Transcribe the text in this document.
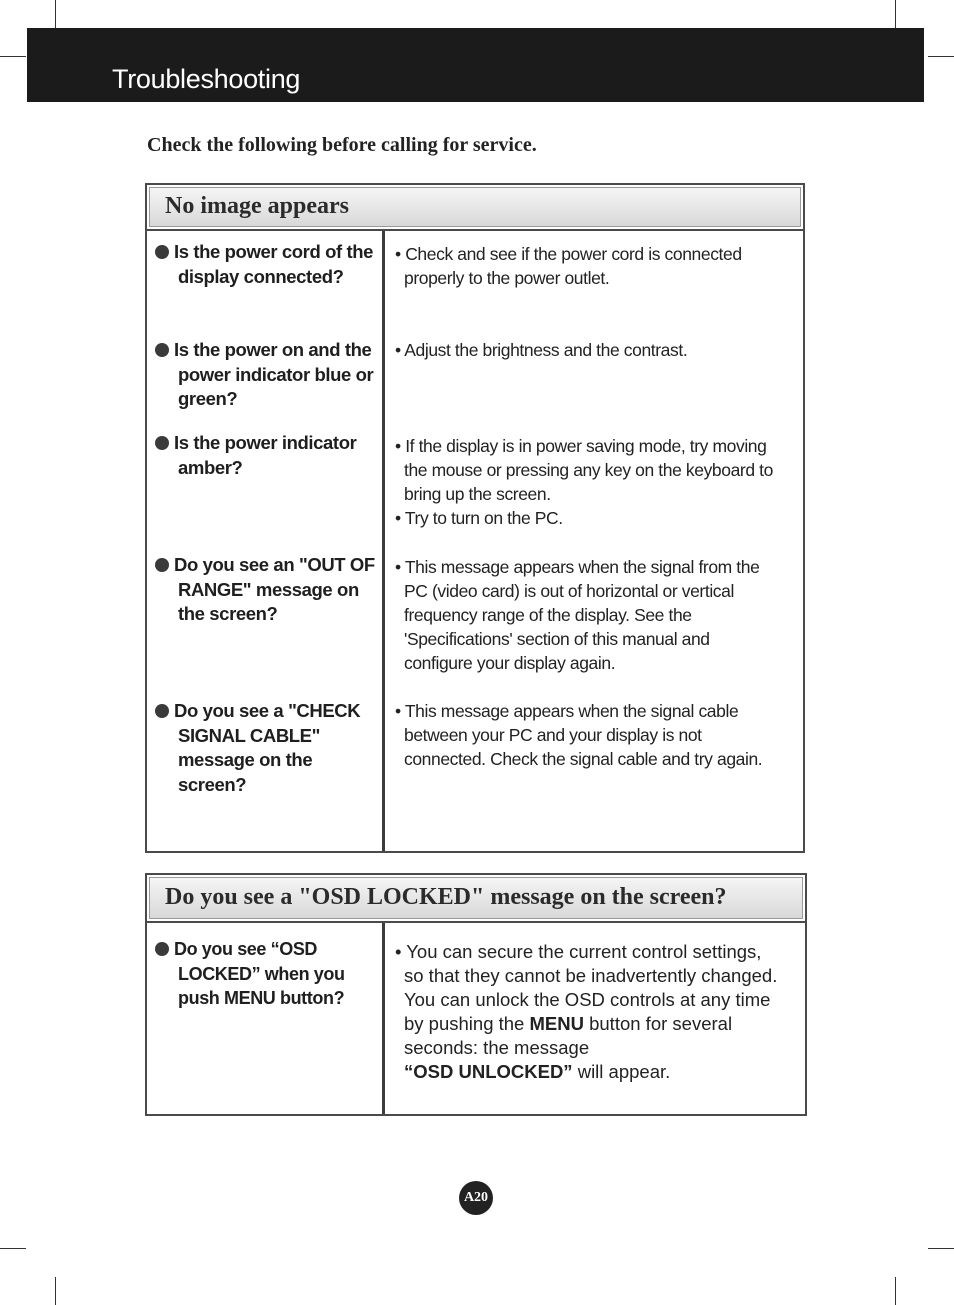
Troubleshooting

Check the following before calling for service.

No image appears
Is the power cord of the
display connected?
• Check and see if the power cord is connected
properly to the power outlet.
Is the power on and the
power indicator blue or
green?
• Adjust the brightness and the contrast.
Is the power indicator
amber?
• If the display is in power saving mode, try moving
the mouse or pressing any key on the keyboard to
bring up the screen.
• Try to turn on the PC.
Do you see an "OUT OF
RANGE" message on
the screen?
• This message appears when the signal from the
PC (video card) is out of horizontal or vertical
frequency range of the display. See the
'Specifications' section of this manual and
configure your display again.
Do you see a "CHECK
SIGNAL CABLE"
message on the
screen?
• This message appears when the signal cable
between your PC and your display is not
connected. Check the signal cable and try again.
Do you see a "OSD LOCKED" message on the screen?
Do you see “OSD
LOCKED” when you
push MENU button?
• You can secure the current control settings,
so that they cannot be inadvertently changed.
You can unlock the OSD controls at any time
by pushing the MENU button for several
seconds: the message
“OSD UNLOCKED” will appear.
A20
